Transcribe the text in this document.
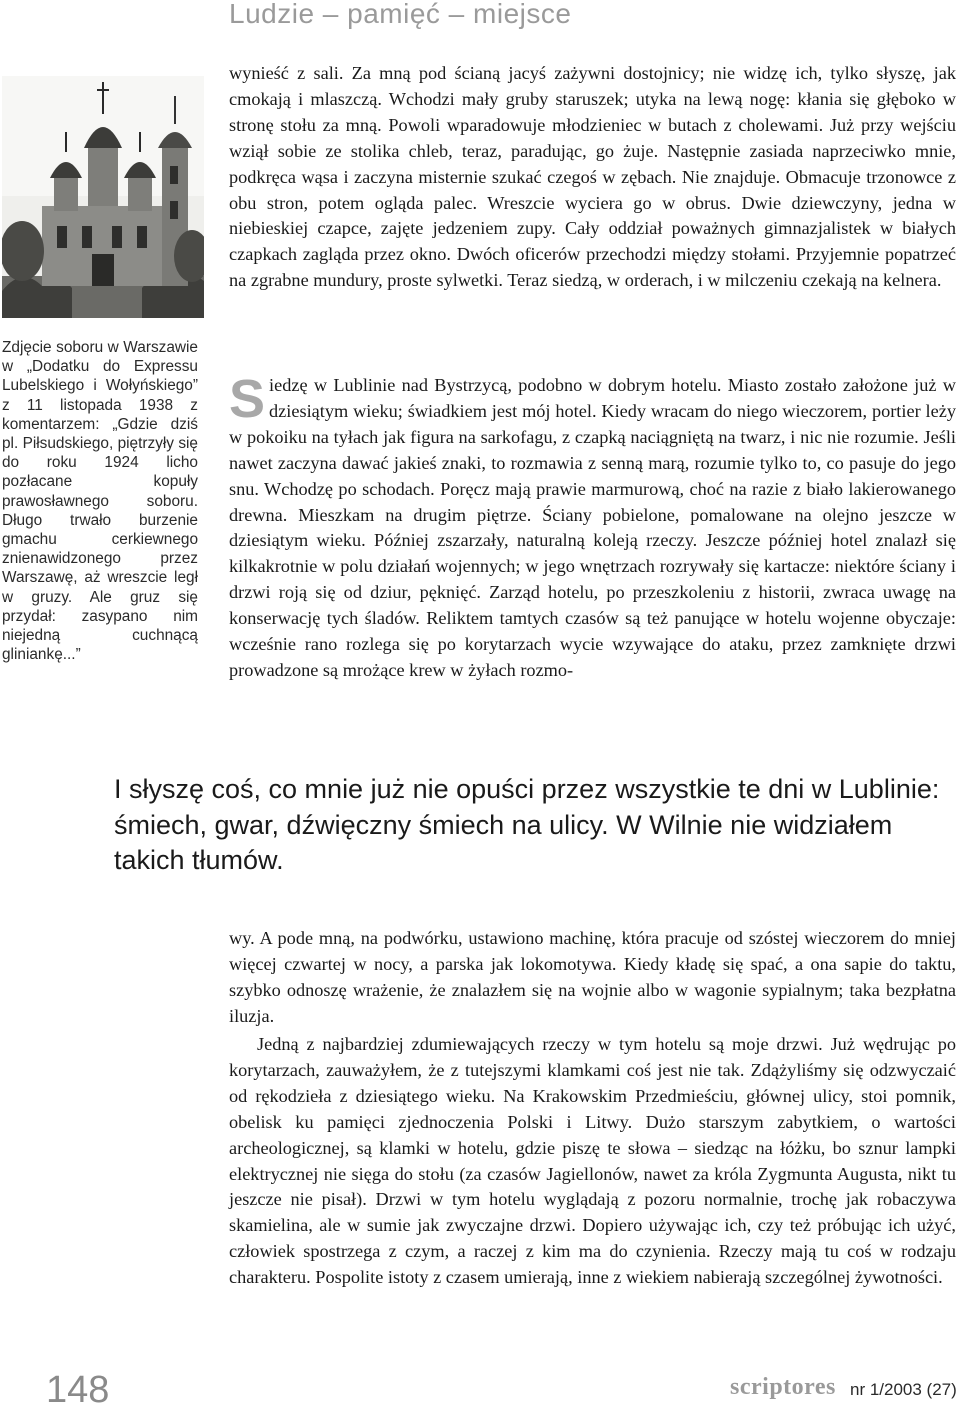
Ludzie – pamięć – miejsce

Zdjęcie soboru w Warszawie w „Dodatku do Expressu Lubelskiego i Wołyńskiego” z 11 listopada 1938 z komentarzem: „Gdzie dziś pl. Piłsudskiego, piętrzyły się do roku 1924 licho pozłacane kopuły prawosławnego soboru. Długo trwało burzenie gmachu cerkiewnego znienawidzonego przez Warszawę, aż wreszcie legł w gruzy. Ale gruz się przydał: zasypano nim niejedną cuchnącą gliniankę...”

wynieść z sali. Za mną pod ścianą jacyś zażywni dostojnicy; nie widzę ich, tylko słyszę, jak cmokają i mlaszczą. Wchodzi mały gruby staruszek; utyka na lewą nogę: kłania się głęboko w stronę stołu za mną. Powoli wparadowuje młodzieniec w butach z cholewami. Już przy wejściu wziął sobie ze stolika chleb, teraz, paradując, go żuje. Następnie zasiada naprzeciwko mnie, podkręca wąsa i zaczyna misternie szukać czegoś w zębach. Nie znajduje. Obmacuje trzonowce z obu stron, potem ogląda palec. Wreszcie wyciera go w obrus. Dwie dziewczyny, jedna w niebieskiej czapce, zajęte jedzeniem zupy. Cały oddział poważnych gimnazjalistek w białych czapkach zagląda przez okno. Dwóch oficerów przechodzi między stołami. Przyjemnie popatrzeć na zgrabne mundury, proste sylwetki. Teraz siedzą, w orderach, i w milczeniu czekają na kelnera.

Siedzę w Lublinie nad Bystrzycą, podobno w dobrym hotelu. Miasto zostało założone już w dziesiątym wieku; świadkiem jest mój hotel. Kiedy wracam do niego wieczorem, portier leży w pokoiku na tyłach jak figura na sarkofagu, z czapką naciągniętą na twarz, i nic nie rozumie. Jeśli nawet zaczyna dawać jakieś znaki, to rozmawia z senną marą, rozumie tylko to, co pasuje do jego snu. Wchodzę po schodach. Poręcz mają prawie marmurową, choć na razie z biało lakierowanego drewna. Mieszkam na drugim piętrze. Ściany pobielone, pomalowane na olejno jeszcze w dziesiątym wieku. Później zszarzały, naturalną koleją rzeczy. Jeszcze później hotel znalazł się kilkakrotnie w polu działań wojennych; w jego wnętrzach rozrywały się kartacze: niektóre ściany i drzwi roją się od dziur, pęknięć. Zarząd hotelu, po przeszkoleniu z historii, zwraca uwagę na konserwację tych śladów. Reliktem tamtych czasów są też panujące w hotelu wojenne obyczaje: wcześnie rano rozlega się po korytarzach wycie wzywające do ataku, przez zamknięte drzwi prowadzone są mrożące krew w żyłach rozmo-

I słyszę coś, co mnie już nie opuści przez wszystkie te dni w Lublinie: śmiech, gwar, dźwięczny śmiech na ulicy. W Wilnie nie widziałem takich tłumów.

wy. A pode mną, na podwórku, ustawiono machinę, która pracuje od szóstej wieczorem do mniej więcej czwartej w nocy, a parska jak lokomotywa. Kiedy kładę się spać, a ona sapie do taktu, szybko odnoszę wrażenie, że znalazłem się na wojnie albo w wagonie sypialnym; taka bezpłatna iluzja.

Jedną z najbardziej zdumiewających rzeczy w tym hotelu są moje drzwi. Już wędrując po korytarzach, zauważyłem, że z tutejszymi klamkami coś jest nie tak. Zdążyliśmy się odzwyczaić od rękodzieła z dziesiątego wieku. Na Krakowskim Przedmieściu, głównej ulicy, stoi pomnik, obelisk ku pamięci zjednoczenia Polski i Litwy. Dużo starszym zabytkiem, o wartości archeologicznej, są klamki w hotelu, gdzie piszę te słowa – siedząc na łóżku, bo sznur lampki elektrycznej nie sięga do stołu (za czasów Jagiellonów, nawet za króla Zygmunta Augusta, nikt tu jeszcze nie pisał). Drzwi w tym hotelu wyglądają z pozoru normalnie, trochę jak robaczywa skamielina, ale w sumie jak zwyczajne drzwi. Dopiero używając ich, czy też próbując ich użyć, człowiek spostrzega z czym, a raczej z kim ma do czynienia. Rzeczy mają tu coś w rodzaju charakteru. Pospolite istoty z czasem umierają, inne z wiekiem nabierają szczególnej żywotności.

148	scriptores nr 1/2003 (27)
